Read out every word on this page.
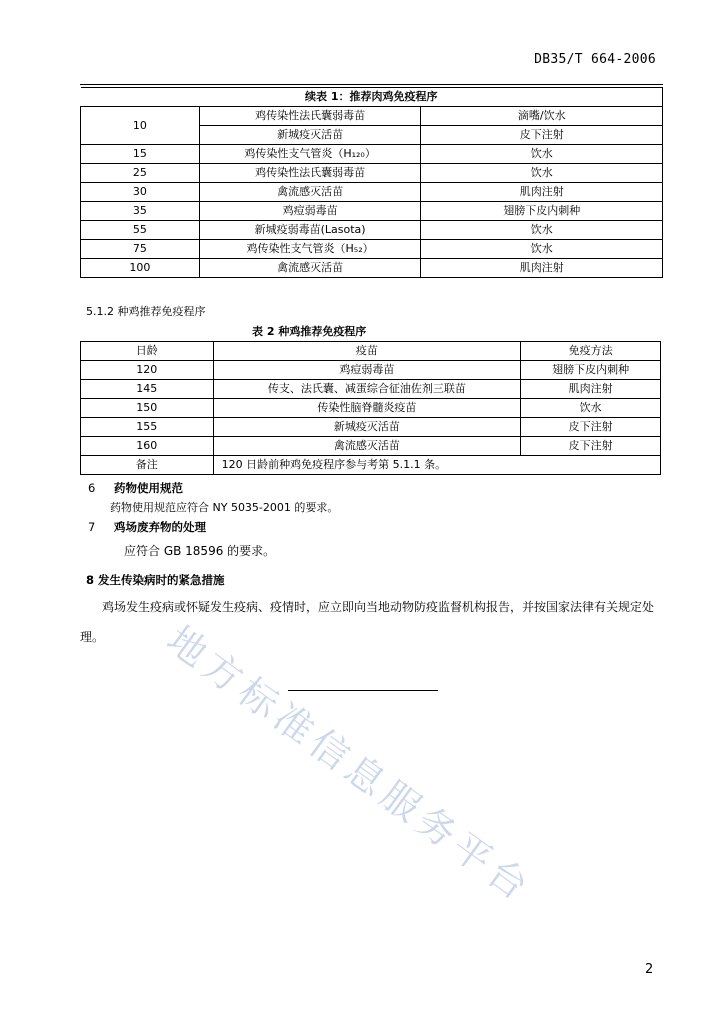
DB35/T 664-2006
续表 1：推荐肉鸡免疫程序		
10	鸡传染性法氏囊弱毒苗	滴嘴/饮水
	新城疫灭活苗	皮下注射
15	鸡传染性支气管炎（H₁₂₀）	饮水
25	鸡传染性法氏囊弱毒苗	饮水
30	禽流感灭活苗	肌肉注射
35	鸡痘弱毒苗	翅膀下皮内刺种
55	新城疫弱毒苗(Lasota)	饮水
75	鸡传染性支气管炎（H₅₂）	饮水
100	禽流感灭活苗	肌肉注射
5.1.2 种鸡推荐免疫程序
表 2 种鸡推荐免疫程序
日龄	疫苗	免疫方法
120	鸡痘弱毒苗	翅膀下皮内刺种
145	传支、法氏囊、减蛋综合征油佐剂三联苗	肌肉注射
150	传染性脑脊髓炎疫苗	饮水
155	新城疫灭活苗	皮下注射
160	禽流感灭活苗	皮下注射
备注	120 日龄前种鸡免疫程序参与考第 5.1.1 条。	
6 药物使用规范
药物使用规范应符合 NY 5035-2001 的要求。
7 鸡场废弃物的处理
应符合 GB 18596 的要求。
8 发生传染病时的紧急措施

鸡场发生疫病或怀疑发生疫病、疫情时，应立即向当地动物防疫监督机构报告，并按国家法律有关规定处理。	地方标准信息服务平台
2
